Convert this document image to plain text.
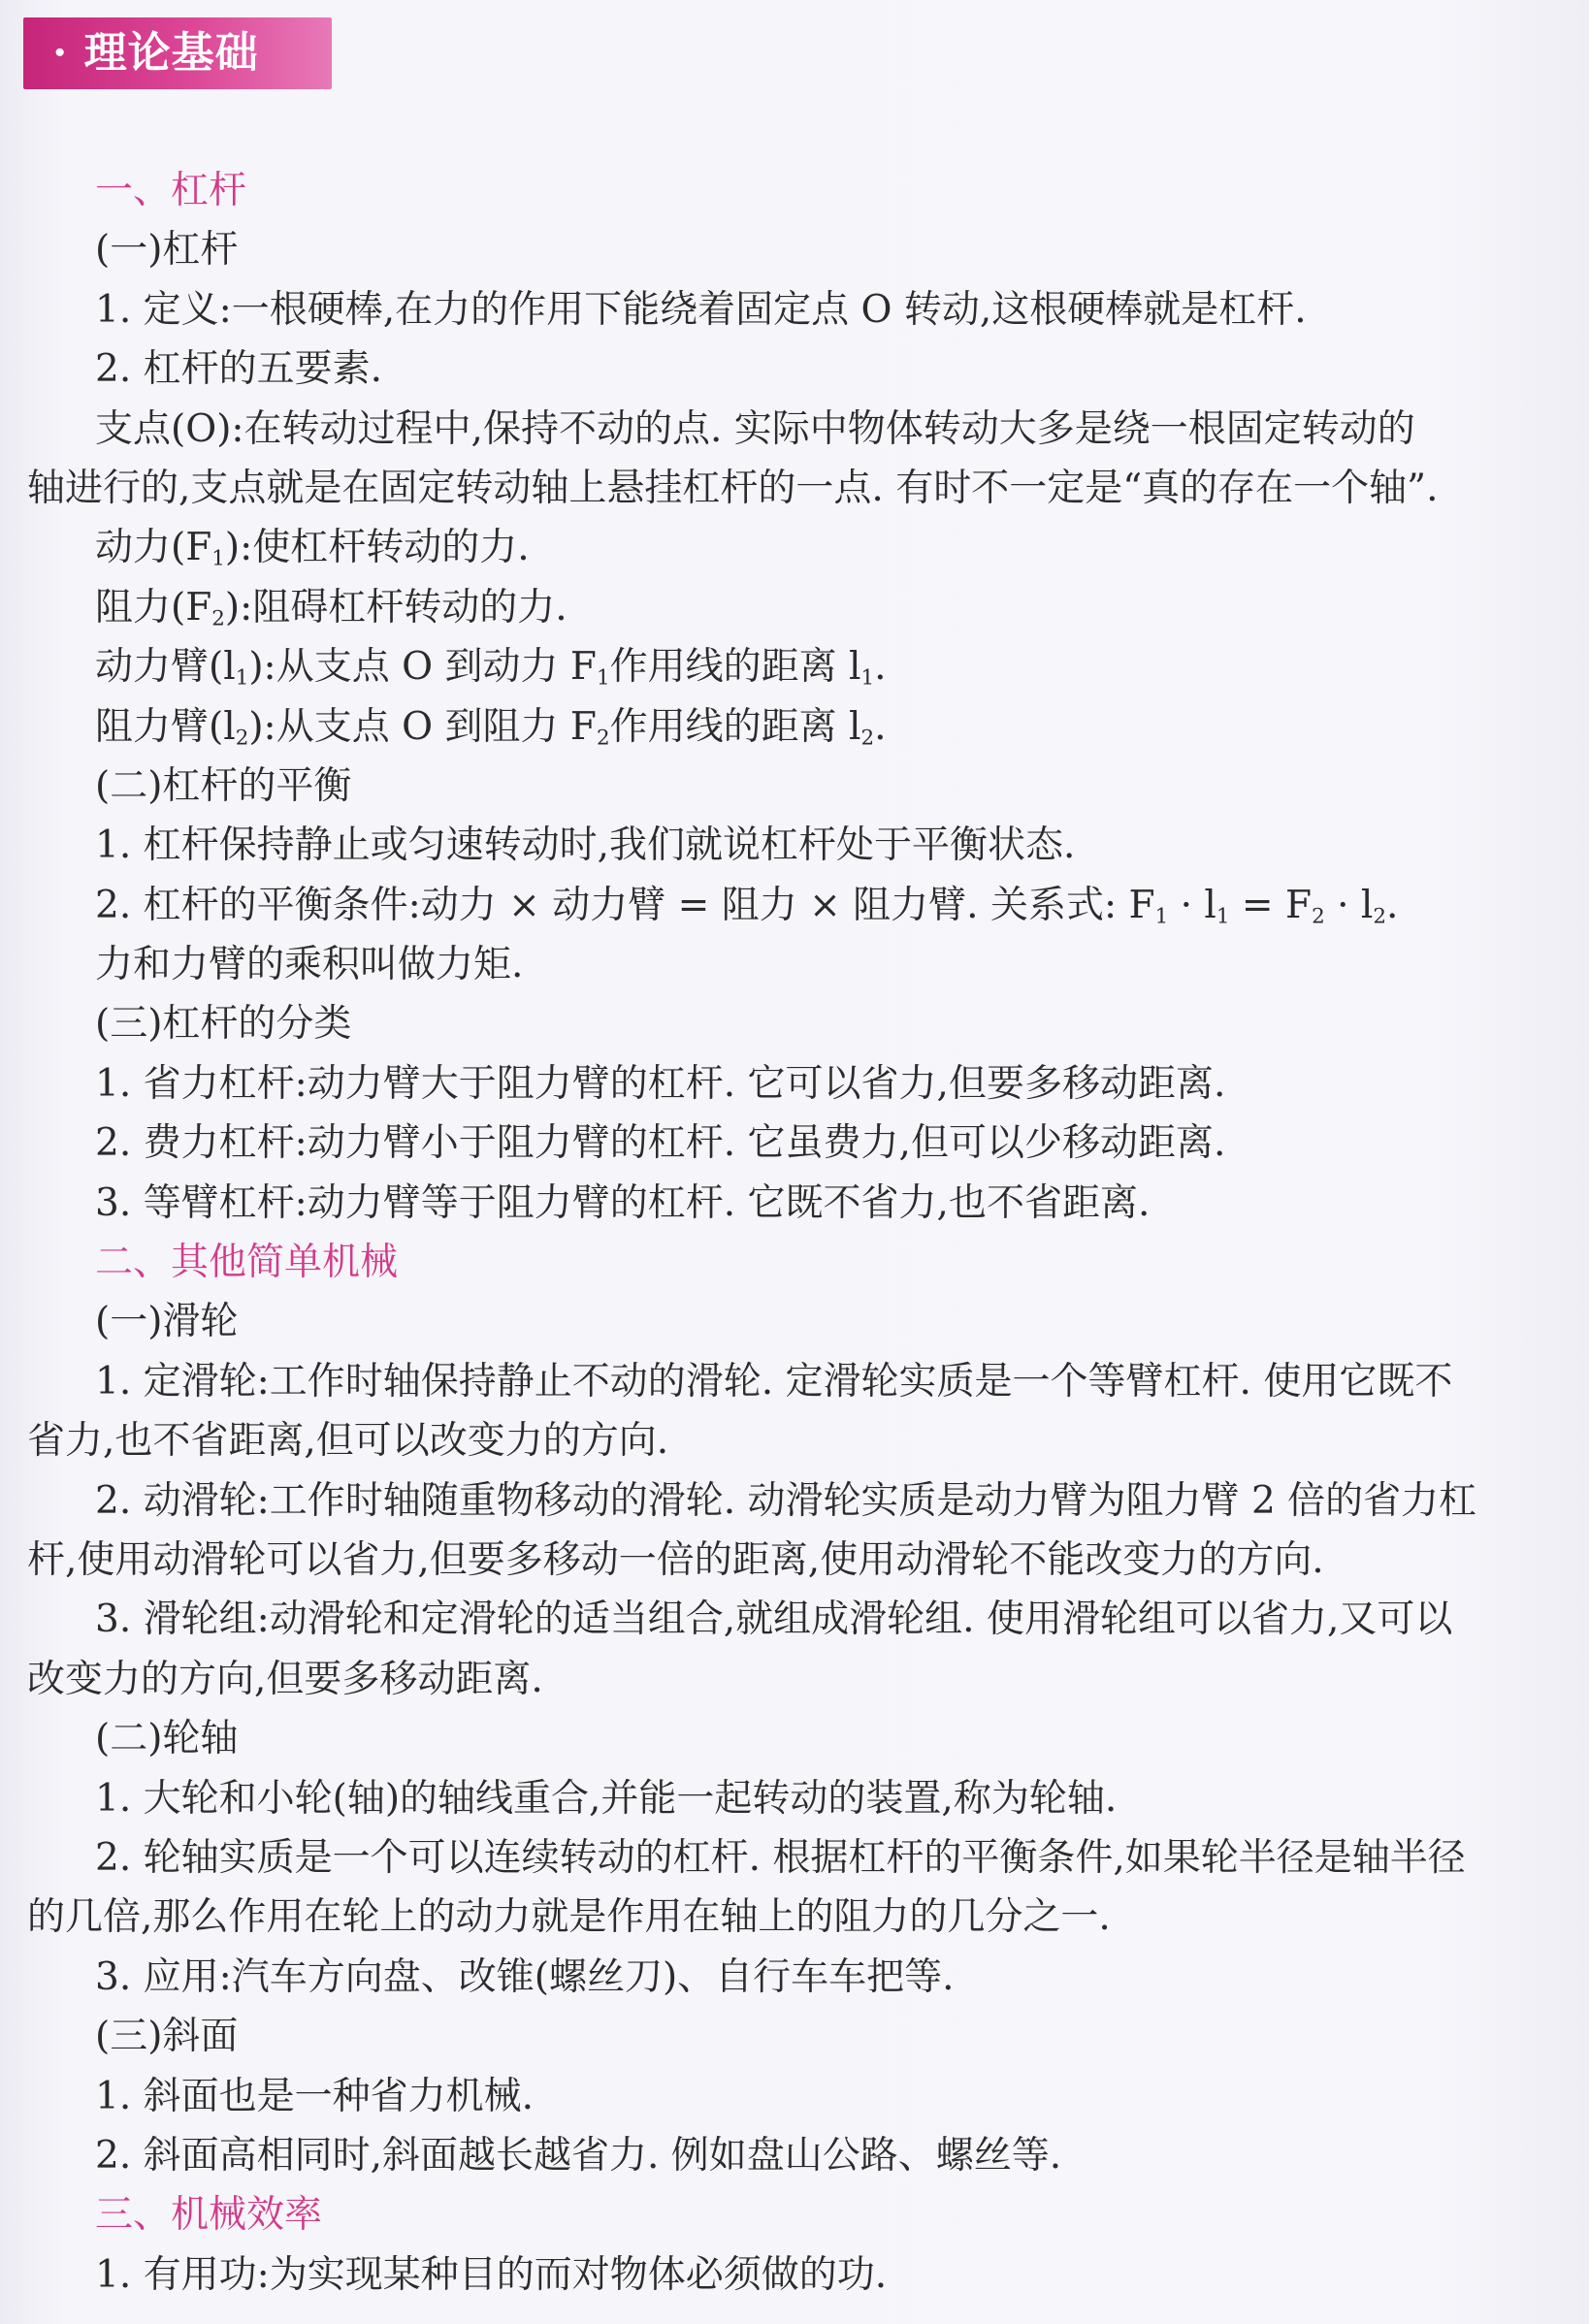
· 理论基础
一、杠杆
(一)杠杆
1. 定义:一根硬棒,在力的作用下能绕着固定点 O 转动,这根硬棒就是杠杆.
2. 杠杆的五要素.
支点(O):在转动过程中,保持不动的点. 实际中物体转动大多是绕一根固定转动的
轴进行的,支点就是在固定转动轴上悬挂杠杆的一点. 有时不一定是“真的存在一个轴”.
动力$(F_1)$:使杠杆转动的力.
阻力$(F_2)$:阻碍杠杆转动的力.
动力臂$(l_1)$:从支点 O 到动力 $F_1$作用线的距离 $l_1$.
阻力臂$(l_2)$:从支点 O 到阻力 $F_2$作用线的距离 $l_2$.
(二)杠杆的平衡
1. 杠杆保持静止或匀速转动时,我们就说杠杆处于平衡状态.
2. 杠杆的平衡条件:动力 × 动力臂 = 阻力 × 阻力臂. 关系式: $F_1 \cdot l_1 = F_2 \cdot l_2$.
力和力臂的乘积叫做力矩.
(三)杠杆的分类
1. 省力杠杆:动力臂大于阻力臂的杠杆. 它可以省力,但要多移动距离.
2. 费力杠杆:动力臂小于阻力臂的杠杆. 它虽费力,但可以少移动距离.
3. 等臂杠杆:动力臂等于阻力臂的杠杆. 它既不省力,也不省距离.
二、其他简单机械
(一)滑轮
1. 定滑轮:工作时轴保持静止不动的滑轮. 定滑轮实质是一个等臂杠杆. 使用它既不
省力,也不省距离,但可以改变力的方向.
2. 动滑轮:工作时轴随重物移动的滑轮. 动滑轮实质是动力臂为阻力臂 2 倍的省力杠
杆,使用动滑轮可以省力,但要多移动一倍的距离,使用动滑轮不能改变力的方向.
3. 滑轮组:动滑轮和定滑轮的适当组合,就组成滑轮组. 使用滑轮组可以省力,又可以
改变力的方向,但要多移动距离.
(二)轮轴
1. 大轮和小轮(轴)的轴线重合,并能一起转动的装置,称为轮轴.
2. 轮轴实质是一个可以连续转动的杠杆. 根据杠杆的平衡条件,如果轮半径是轴半径
的几倍,那么作用在轮上的动力就是作用在轴上的阻力的几分之一.
3. 应用:汽车方向盘、改锥(螺丝刀)、自行车车把等.
(三)斜面
1. 斜面也是一种省力机械.
2. 斜面高相同时,斜面越长越省力. 例如盘山公路、螺丝等.
三、机械效率
1. 有用功:为实现某种目的而对物体必须做的功.
